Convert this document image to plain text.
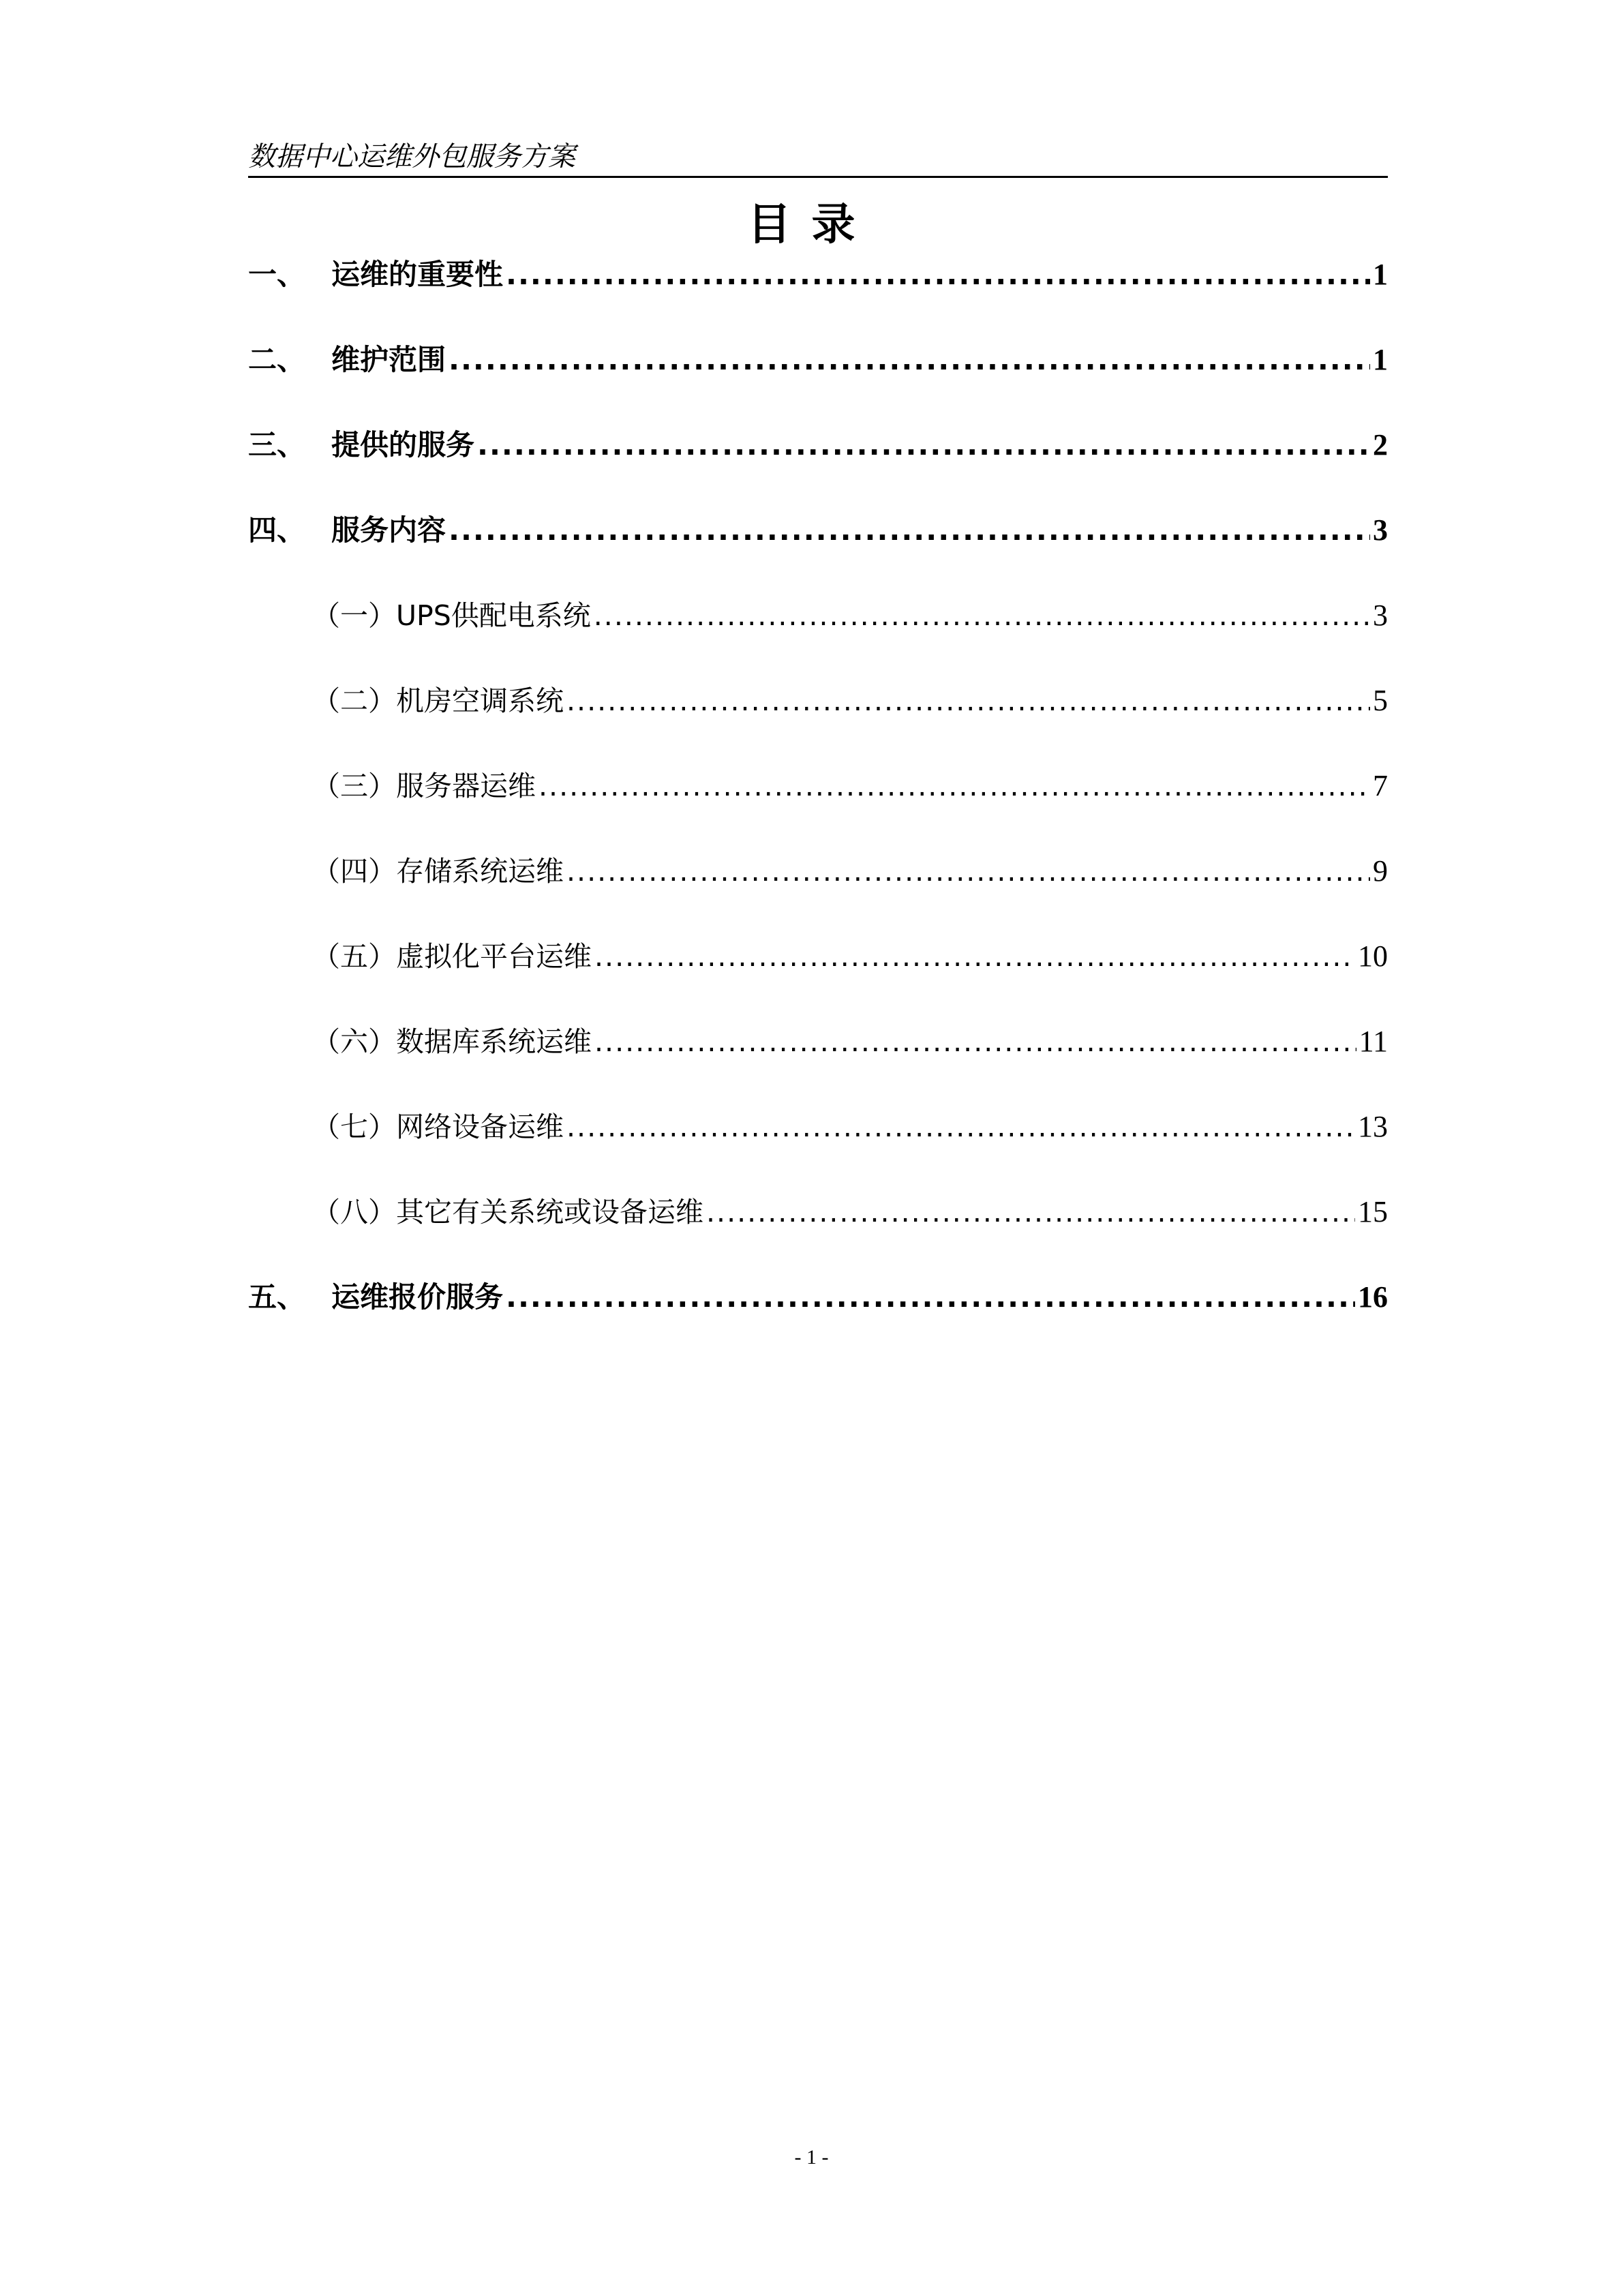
数据中心运维外包服务方案
目录
一、 运维的重要性 .....	1
二、 维护范围 .....	1
三、 提供的服务 .....	2
四、 服务内容 .....	3
（一）UPS供配电系统 .....	3
（二）机房空调系统 .....	5
（三）服务器运维 .....	7
（四）存储系统运维 .....	9
（五）虚拟化平台运维 .....	10
（六）数据库系统运维 .....	11
（七）网络设备运维 .....	13
（八）其它有关系统或设备运维 .....	15
五、 运维报价服务 .....	16
- 1 -
